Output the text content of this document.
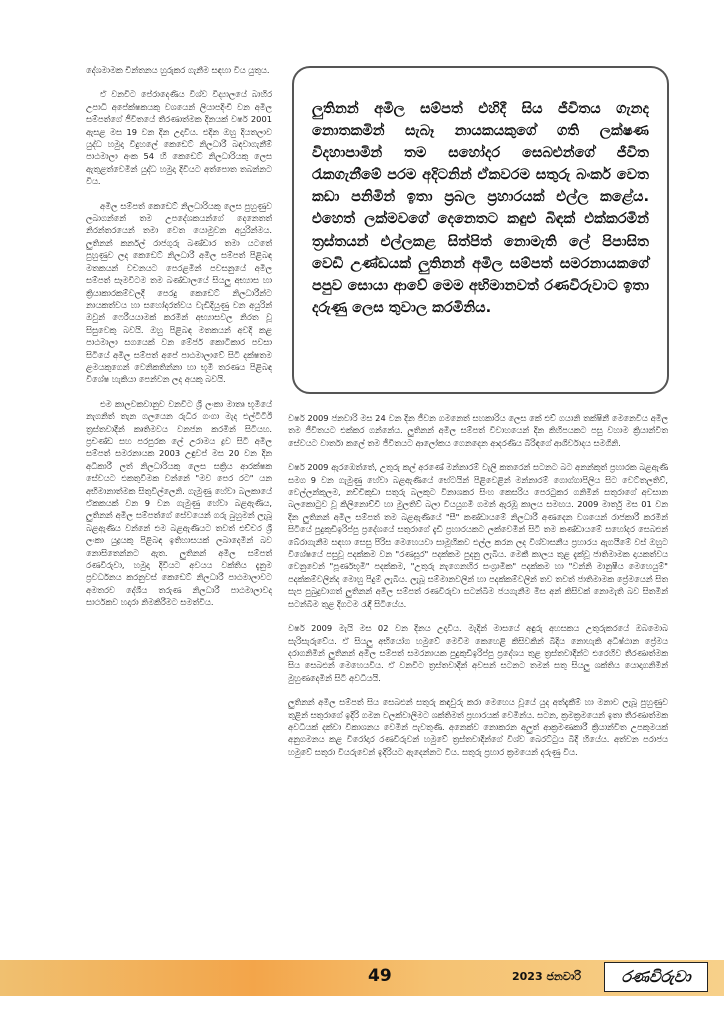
දේශමාමක චින්තනය හුරුකර ගැනීම සඳහා විය යුතුය.

ඒ වනවිට පේරාදෙණිය විශ්ව විද්‍යාලයේ බාහිර උපාධි අපේක්ෂකයකු වශයෙන් ලියාපදිංචි වන අමිල සම්පත්ගේ ජීවිතයේ තීරණාත්මක දිනයක් වර්ෂ 2001 ඇසළ මස 19 වන දින උදාවිය. එදින ඔහු දියතලාව යුද්ධ හමුදා විදුහලේ කෙඩෙට් නිලධාරී බඳවාගැනීම් පාඨමාලා අංක 54 හි කෙඩෙට් නිලධාරියකු ලෙස ඇතුළත්වෙමින් යුද්ධ හමුදා දිවියට අත්පොත තබන්නට විය.

අමිල සම්පත් කෙඩෙට් නිලධාරියකු ලෙස පුහුණුව ලබාගන්නේ තම උපදේශකයන්ගේ දෙනෙතත් නිරන්තරයෙන් තමා වෙත යොමුවන අයුරින්මය. ලුතිනන් කර්නල් රාජගුරු බණ්ඩාර තමා යටතේ පුහුණුව ලද කෙඩෙට් නිලධාරී අමිල සම්පත් පිළිබඳ මතකයන් වචනයට පෙරළමින් පවසනුයේ අමිල සම්පත් සෑමවිටම තම බණ්ඩාලයේ සියලු අභ්‍යාස හා ක්‍රියාකාරකම්වලදී පෙරදු කෙඩෙට් නිලධාරීන්ට නායකත්වය හා සහෝදරත්වය වැඩිදියුණු වන අයුරින් ඔවුන් ෆෙරීයයාමක් කරමින් අභ්‍යාසවල නිරත වූ සිසුවෙකු බවයි. ඔහු පිළිබඳ මතකයන් අවදි කළ පාඨමාලා සගයෙක් වන මේජර් කොටිකාර පවසා සිටියේ අමිල සම්පත් අපේ පාඨමාලාවේ සිටි දක්ෂතම ළමයකුගෙන් වෙනිකතින්නා හා භූමි තරණය පිළිබඳ විශේෂ හැකියා පෙන්වන ලද අයකු බවයි.

එම කාලවකවානුව වනවිට ශ්‍රී ලංකා මාතෘ භූමියේ නැගනිත් තැන ගලයෙන රුධිර ගංගා මැද එල්ටීටීඊ ත්‍රස්තවාදීන් කෘතිමවය වනජන කරමින් සිටියහ. ප්‍රචණ්ඩ සහ පරපුරක ලේ උරාමය ද්‍රව සිටි අමිල සම්පත් සමරනායක 2003 උඳුවප් මස 20 වන දින අධිකාරී ලත් නිලධාරියකු ලෙස සක්‍රිය ආරක්ෂක සේවයට එකතුවීමක වන්නේ "මව පෙර රට" යන අභිමානාත්මක සිතුවිල්ලෙනි. ගැමුණු හේවා බලකායේ ඒකකයක් වන 9 වන ගැමුණු හේවා බළඇණිය, ලුතිනන් අමිල සම්පත්ගේ සේවයෙන් ගරු බුහුමන් ලැබූ බළඇණිය වන්නේ එම බළඇණියට තවත් එච්චර ශ්‍රී ලංකා යුද්‍රයකු පිළිබඳ ඉතිහාසයක් ලබාදෙමින් බව නොසිතෙන්නට ඇත. ලුතිනන් අමිල සම්පත් රණවිරුවා, හමුදා දිවියට අවයය වක්තිය දැනුම ප්‍රවර්ධනය කරනුවස් කෙඩෙට් නිලධාරී පාඨමාලාවට අමතරව දේශීය තරුණ නිලධාරී පාඨමාලාවද සාර්ථකව හදාරා නිමකිරීමට සමත්විය.

ලුතිනන් අමිල සම්පත් එහිදී සිය ජීවිතය ගැනද නොතකමින් සැබෑ නායකයකුගේ ගති ලක්ෂණ විදහාපාමින් තම සහෝදර සෙබළුන්ගේ ජීවිත රැකගැනීමේ පරම අදිටනින් ඒකවරම සතුරු බංකර් වෙත කඩා පනිමින් ඉතා ප්‍රබල ප්‍රහාරයක් එල්ල කළේය. එහෙත් ලක්මවගේ දෙනෙතට කඳුළු බිඳක් එක්කරමින් ත්‍රස්තයන් එල්ලකළ සිත්පිත් නොමැති ලේ පිපාසිත වෙඩි උණ්ඩයක් ලුතිනන් අමිල සම්පත් සමරනායකගේ පපුව සොයා ආවේ මෙම අභිමානවත් රණවිරුවාට ඉතා දරුණු ලෙස තුවාල කරමිනිය.

වර්ෂ 2009 ජනවාරි මස 24 වන දින ජීවන ගමනෙත් සහකාරිය ලෙස කේ එච් ගයානි තක්ෂිනී මෙනෙවිය අමිල තම ජීවිතයට එක්කර ගන්නේය. ලුතිනන් අමිල සම්පත් විවාහයෙන් දින කිහිපයකට පසු වහාම ක්‍රියාන්විත සේවයට වාර්තා කලේ තම ජීවිතයට ආලෝකය ගෙනදෙන ආදරණීය බිරිඳගේ ආශිර්වාදය සමගිනි.

වර්ෂ 2009 ඇරඹෙත්තේ, උතුරු කල් අරණේ මන්නාරම් වැලි කතරෙන් සටනට බට අනන්කුත් ප්‍රහාරක බළඇණි සමග 9 වන ගැමුණු හේවා බළඇණියේ භේටයින් පිළිවෙළින් මන්නාරම් ගොග්ගාපිලිය සිට වෙට්තලතිව්, වෙල්ලන්කුලම, නච්චිකුඩා සතුරු බලකුට විනාශකර සිංහ කෙසරිය පෙරටුකර ගනිමින් සතුරාගේ අවසාන බලකොටුව වූ කිලිනොච්චි හා මුලතිව් බලා වියයුගමි ගමන් ඇරඹූ කාලය සමඟය. 2009 මාර්තු මස 01 වන දින ලුතිනන් අමිල සම්පත් තම බළඇණියේ "සී" කණ්ඩායමේ නිලධාරී අණදෙන වශයෙන් රාජකාරී කරමින් සිටියේ පුදුකුඩිඉරිප්පු ප්‍රදේශයේ සතුරාගේ දැඩි ප්‍රහාරයකට ලක්වෙමින් සිටි තම කණ්ඩායමේ සහෝදර සෙබළුන් බේරාගැනීම සඳහා සෙසු පිරිස මෙහෙයවා සාමූහිකව එල්ල කරන ලද විශ්වාසනීය ප්‍රහාරය ඇගයීමේ වස් ඔහුට විශේෂයේ පසුවූ පදක්කම වන "රණසූර" පදක්කම පුදනු ලැබීය. මෙකී කාලය තුළ දැක්වූ ජාතිමාමක දායකත්වය වෙනුවෙන් "පූර්ණභූමි" පදක්කම, "උතුරු නැගෙනහිර සංග්‍රාමික" පදක්කම හා "වන්නි මානුෂීය මෙහෙයුම්" පදක්කම්වලින්ද මොහු පිදුම් ලැබීය. ලැබූ සම්මානවලින් හා පදක්කම්වලින් තව තවත් ජාතිමාමක ප්‍රේමයෙන් සිත සැප පුබුදුවාගත් ලුතිනන් අමිල සම්පත් රණවිරුවා සටන්බිම ජයගැනීම මිස අන් කිසිවක් නොමැති බව සිතමින් සටන්බිම තුළ දිගටම රැඳී සිටියේය.

වර්ෂ 2009 මැයි මස 02 වන දිනය උදාවිය. මැදින් මාසයේ අඳුරු අහසකය උතුරුකරයේ ඔබමොබ සැරිසැරුවේය. ඒ සියලු අභියෝග හමුවේ මෙවිම කෙහෙළි කිසිවකින් බිදිය නොහැකි අධිෂ්ඨාන ප්‍රේමය දරාගනිමින් ලුතිනන් අමිල සම්පත් සමරනායක පුදුකුඩිඉරිප්පු ප්‍රදේශය තුළ ත්‍රස්තවාදීන්ට එරෙහිව තීරණාත්මක සිය සෙබළුන් මෙහෙයවිය. ඒ වනවිට ත්‍රස්තවාදීන් අවසන් සටනට තමන් සතු සියලු ශක්තිය යොදාගනිමින් මුහුණදෙමින් සිටි අවධියයි.

ලුතිනන් අමිල සම්පත් සිය සෙබළුන් සතුරු කඳවුරු කරා මෙහෙය වූයේ යුද අත්දැකීම් හා මනාව ලැබූ පුහුණුව තුළින් සතුරාගේ ඉදිරි ගමන වලක්වාලීමට ශක්තිමත් ප්‍රහාරයක් වෙමින්ය. සටන, ක්‍රමක්‍රමයෙන් ඉතා තීරණාත්මක අවධියක් දක්වා විකාශනය වෙමින් පැවතුණි. අනෙක්ව නොකරන අලුත් ආක්‍රමණකාරී ක්‍රියාන්විත උපකුමයක් අනුගමනය කළ විරෝදාර රණවිරුවන් හමුවේ ත්‍රස්තවාදීන්ගේ විශ්ව බෙරට්ටුය බිදී හියේය. අත්වන පරාජය හමුවේ සතුරා වියරුවෙන් ඉදිරියට ඇදෙන්නට විය. සතුරු ප්‍රහාර ක්‍රමයෙන් දරුණු විය.

49	2023 ජනවාරි	රණවිරුවා
